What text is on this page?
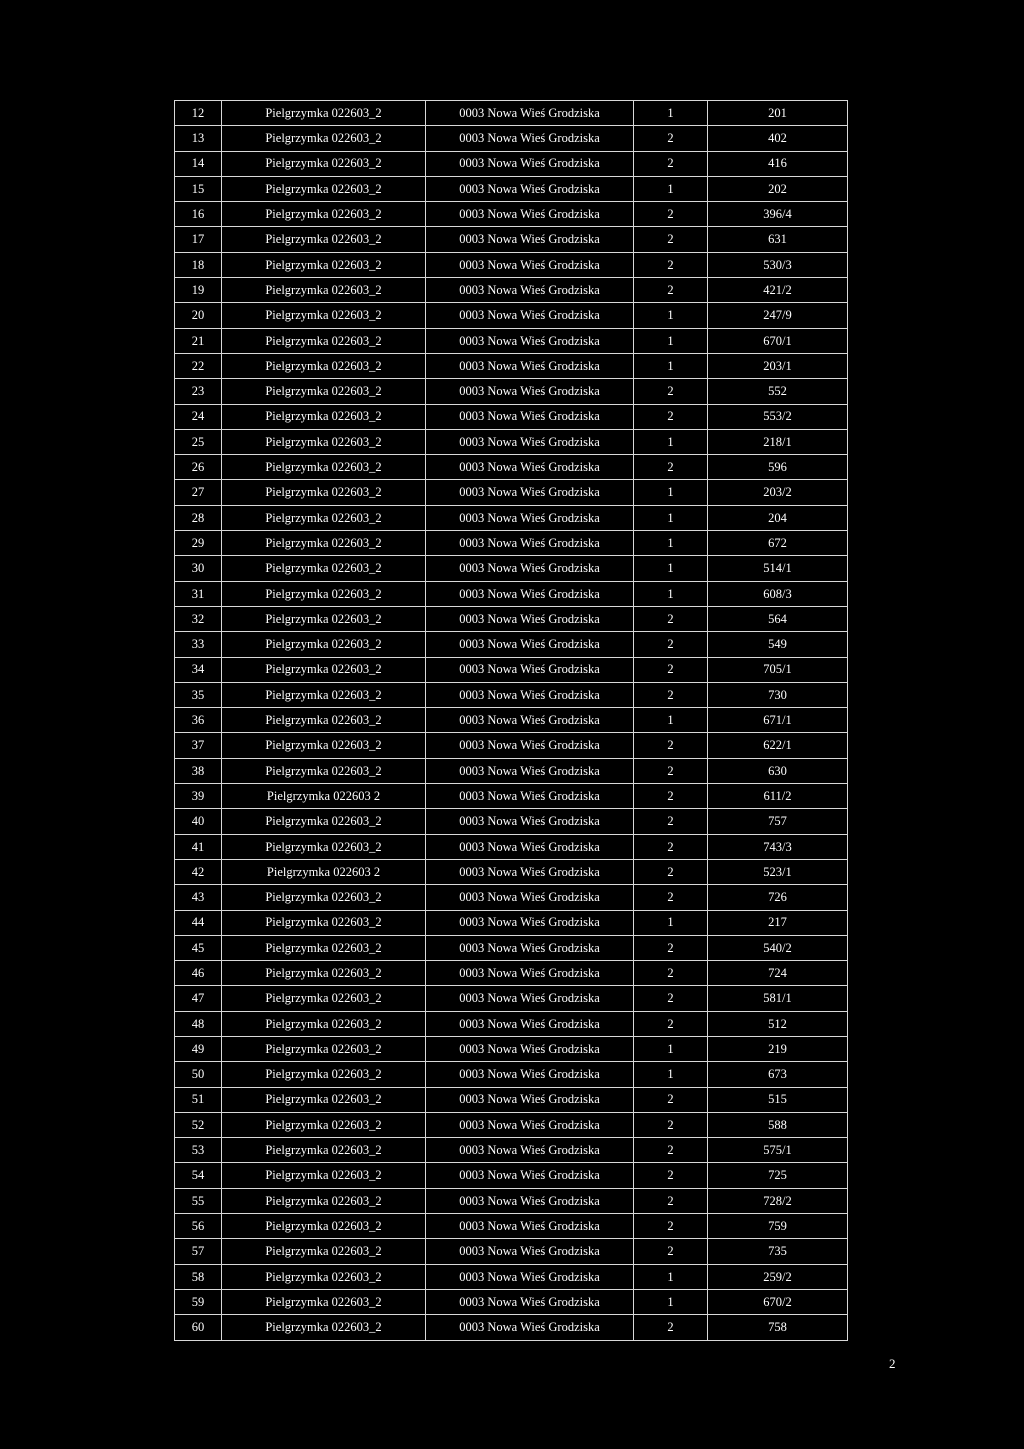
12	Pielgrzymka 022603_2	0003 Nowa Wieś Grodziska	1	201
13	Pielgrzymka 022603_2	0003 Nowa Wieś Grodziska	2	402
14	Pielgrzymka 022603_2	0003 Nowa Wieś Grodziska	2	416
15	Pielgrzymka 022603_2	0003 Nowa Wieś Grodziska	1	202
16	Pielgrzymka 022603_2	0003 Nowa Wieś Grodziska	2	396/4
17	Pielgrzymka 022603_2	0003 Nowa Wieś Grodziska	2	631
18	Pielgrzymka 022603_2	0003 Nowa Wieś Grodziska	2	530/3
19	Pielgrzymka 022603_2	0003 Nowa Wieś Grodziska	2	421/2
20	Pielgrzymka 022603_2	0003 Nowa Wieś Grodziska	1	247/9
21	Pielgrzymka 022603_2	0003 Nowa Wieś Grodziska	1	670/1
22	Pielgrzymka 022603_2	0003 Nowa Wieś Grodziska	1	203/1
23	Pielgrzymka 022603_2	0003 Nowa Wieś Grodziska	2	552
24	Pielgrzymka 022603_2	0003 Nowa Wieś Grodziska	2	553/2
25	Pielgrzymka 022603_2	0003 Nowa Wieś Grodziska	1	218/1
26	Pielgrzymka 022603_2	0003 Nowa Wieś Grodziska	2	596
27	Pielgrzymka 022603_2	0003 Nowa Wieś Grodziska	1	203/2
28	Pielgrzymka 022603_2	0003 Nowa Wieś Grodziska	1	204
29	Pielgrzymka 022603_2	0003 Nowa Wieś Grodziska	1	672
30	Pielgrzymka 022603_2	0003 Nowa Wieś Grodziska	1	514/1
31	Pielgrzymka 022603_2	0003 Nowa Wieś Grodziska	1	608/3
32	Pielgrzymka 022603_2	0003 Nowa Wieś Grodziska	2	564
33	Pielgrzymka 022603_2	0003 Nowa Wieś Grodziska	2	549
34	Pielgrzymka 022603_2	0003 Nowa Wieś Grodziska	2	705/1
35	Pielgrzymka 022603_2	0003 Nowa Wieś Grodziska	2	730
36	Pielgrzymka 022603_2	0003 Nowa Wieś Grodziska	1	671/1
37	Pielgrzymka 022603_2	0003 Nowa Wieś Grodziska	2	622/1
38	Pielgrzymka 022603_2	0003 Nowa Wieś Grodziska	2	630
39	Pielgrzymka 022603 2	0003 Nowa Wieś Grodziska	2	611/2
40	Pielgrzymka 022603_2	0003 Nowa Wieś Grodziska	2	757
41	Pielgrzymka 022603_2	0003 Nowa Wieś Grodziska	2	743/3
42	Pielgrzymka 022603 2	0003 Nowa Wieś Grodziska	2	523/1
43	Pielgrzymka 022603_2	0003 Nowa Wieś Grodziska	2	726
44	Pielgrzymka 022603_2	0003 Nowa Wieś Grodziska	1	217
45	Pielgrzymka 022603_2	0003 Nowa Wieś Grodziska	2	540/2
46	Pielgrzymka 022603_2	0003 Nowa Wieś Grodziska	2	724
47	Pielgrzymka 022603_2	0003 Nowa Wieś Grodziska	2	581/1
48	Pielgrzymka 022603_2	0003 Nowa Wieś Grodziska	2	512
49	Pielgrzymka 022603_2	0003 Nowa Wieś Grodziska	1	219
50	Pielgrzymka 022603_2	0003 Nowa Wieś Grodziska	1	673
51	Pielgrzymka 022603_2	0003 Nowa Wieś Grodziska	2	515
52	Pielgrzymka 022603_2	0003 Nowa Wieś Grodziska	2	588
53	Pielgrzymka 022603_2	0003 Nowa Wieś Grodziska	2	575/1
54	Pielgrzymka 022603_2	0003 Nowa Wieś Grodziska	2	725
55	Pielgrzymka 022603_2	0003 Nowa Wieś Grodziska	2	728/2
56	Pielgrzymka 022603_2	0003 Nowa Wieś Grodziska	2	759
57	Pielgrzymka 022603_2	0003 Nowa Wieś Grodziska	2	735
58	Pielgrzymka 022603_2	0003 Nowa Wieś Grodziska	1	259/2
59	Pielgrzymka 022603_2	0003 Nowa Wieś Grodziska	1	670/2
60	Pielgrzymka 022603_2	0003 Nowa Wieś Grodziska	2	758
2
